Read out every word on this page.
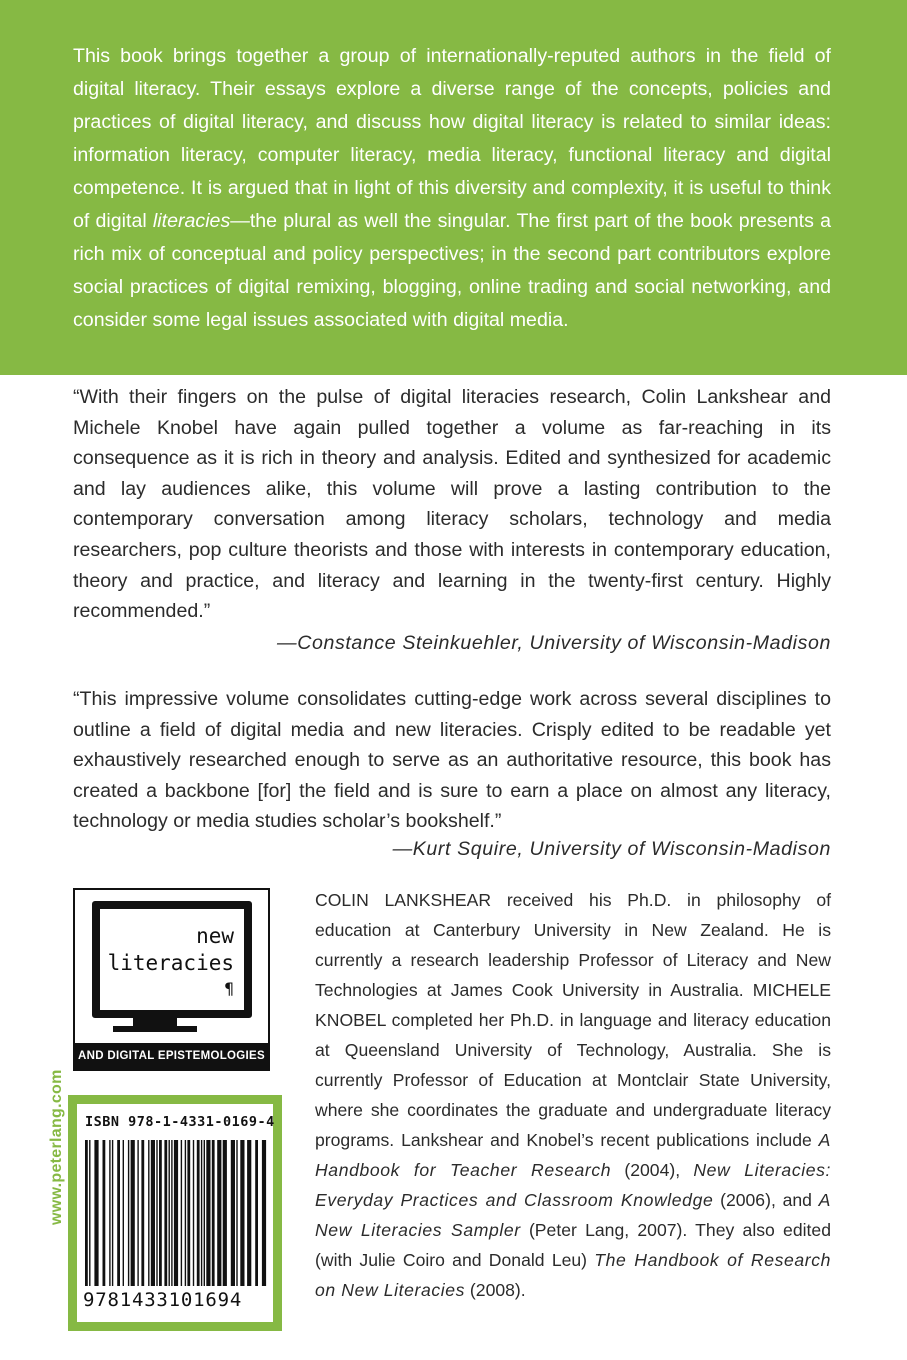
This book brings together a group of internationally-reputed authors in the field of digital literacy. Their essays explore a diverse range of the concepts, policies and practices of digital literacy, and discuss how digital literacy is related to similar ideas: information literacy, computer literacy, media literacy, functional literacy and digital competence. It is argued that in light of this diversity and complexity, it is useful to think of digital literacies—the plural as well the singular. The first part of the book presents a rich mix of conceptual and policy perspectives; in the second part contributors explore social practices of digital remixing, blogging, online trading and social networking, and consider some legal issues associated with digital media.

“With their fingers on the pulse of digital literacies research, Colin Lankshear and Michele Knobel have again pulled together a volume as far-reaching in its consequence as it is rich in theory and analysis. Edited and synthesized for academic and lay audiences alike, this volume will prove a lasting contribution to the contemporary conversation among literacy scholars, technology and media researchers, pop culture theorists and those with interests in contemporary education, theory and practice, and literacy and learning in the twenty-first century. Highly recommended.”

—Constance Steinkuehler, University of Wisconsin-Madison

“This impressive volume consolidates cutting-edge work across several disciplines to outline a field of digital media and new literacies. Crisply edited to be readable yet exhaustively researched enough to serve as an authoritative resource, this book has created a backbone [for] the field and is sure to earn a place on almost any literacy, technology or media studies scholar’s bookshelf.”

—Kurt Squire, University of Wisconsin-Madison
new
literacies
¶
AND DIGITAL EPISTEMOLOGIES
ISBN 978-1-4331-0169-4
9781433101694
www.peterlang.com

COLIN LANKSHEAR received his Ph.D. in philosophy of education at Canterbury University in New Zealand. He is currently a research leadership Professor of Literacy and New Technologies at James Cook University in Australia. MICHELE KNOBEL completed her Ph.D. in language and literacy education at Queensland University of Technology, Australia. She is currently Professor of Education at Montclair State University, where she coordinates the graduate and undergraduate literacy programs. Lankshear and Knobel’s recent publications include A Handbook for Teacher Research (2004), New Literacies: Everyday Practices and Classroom Knowledge (2006), and A New Literacies Sampler (Peter Lang, 2007). They also edited (with Julie Coiro and Donald Leu) The Handbook of Research on New Literacies (2008).
